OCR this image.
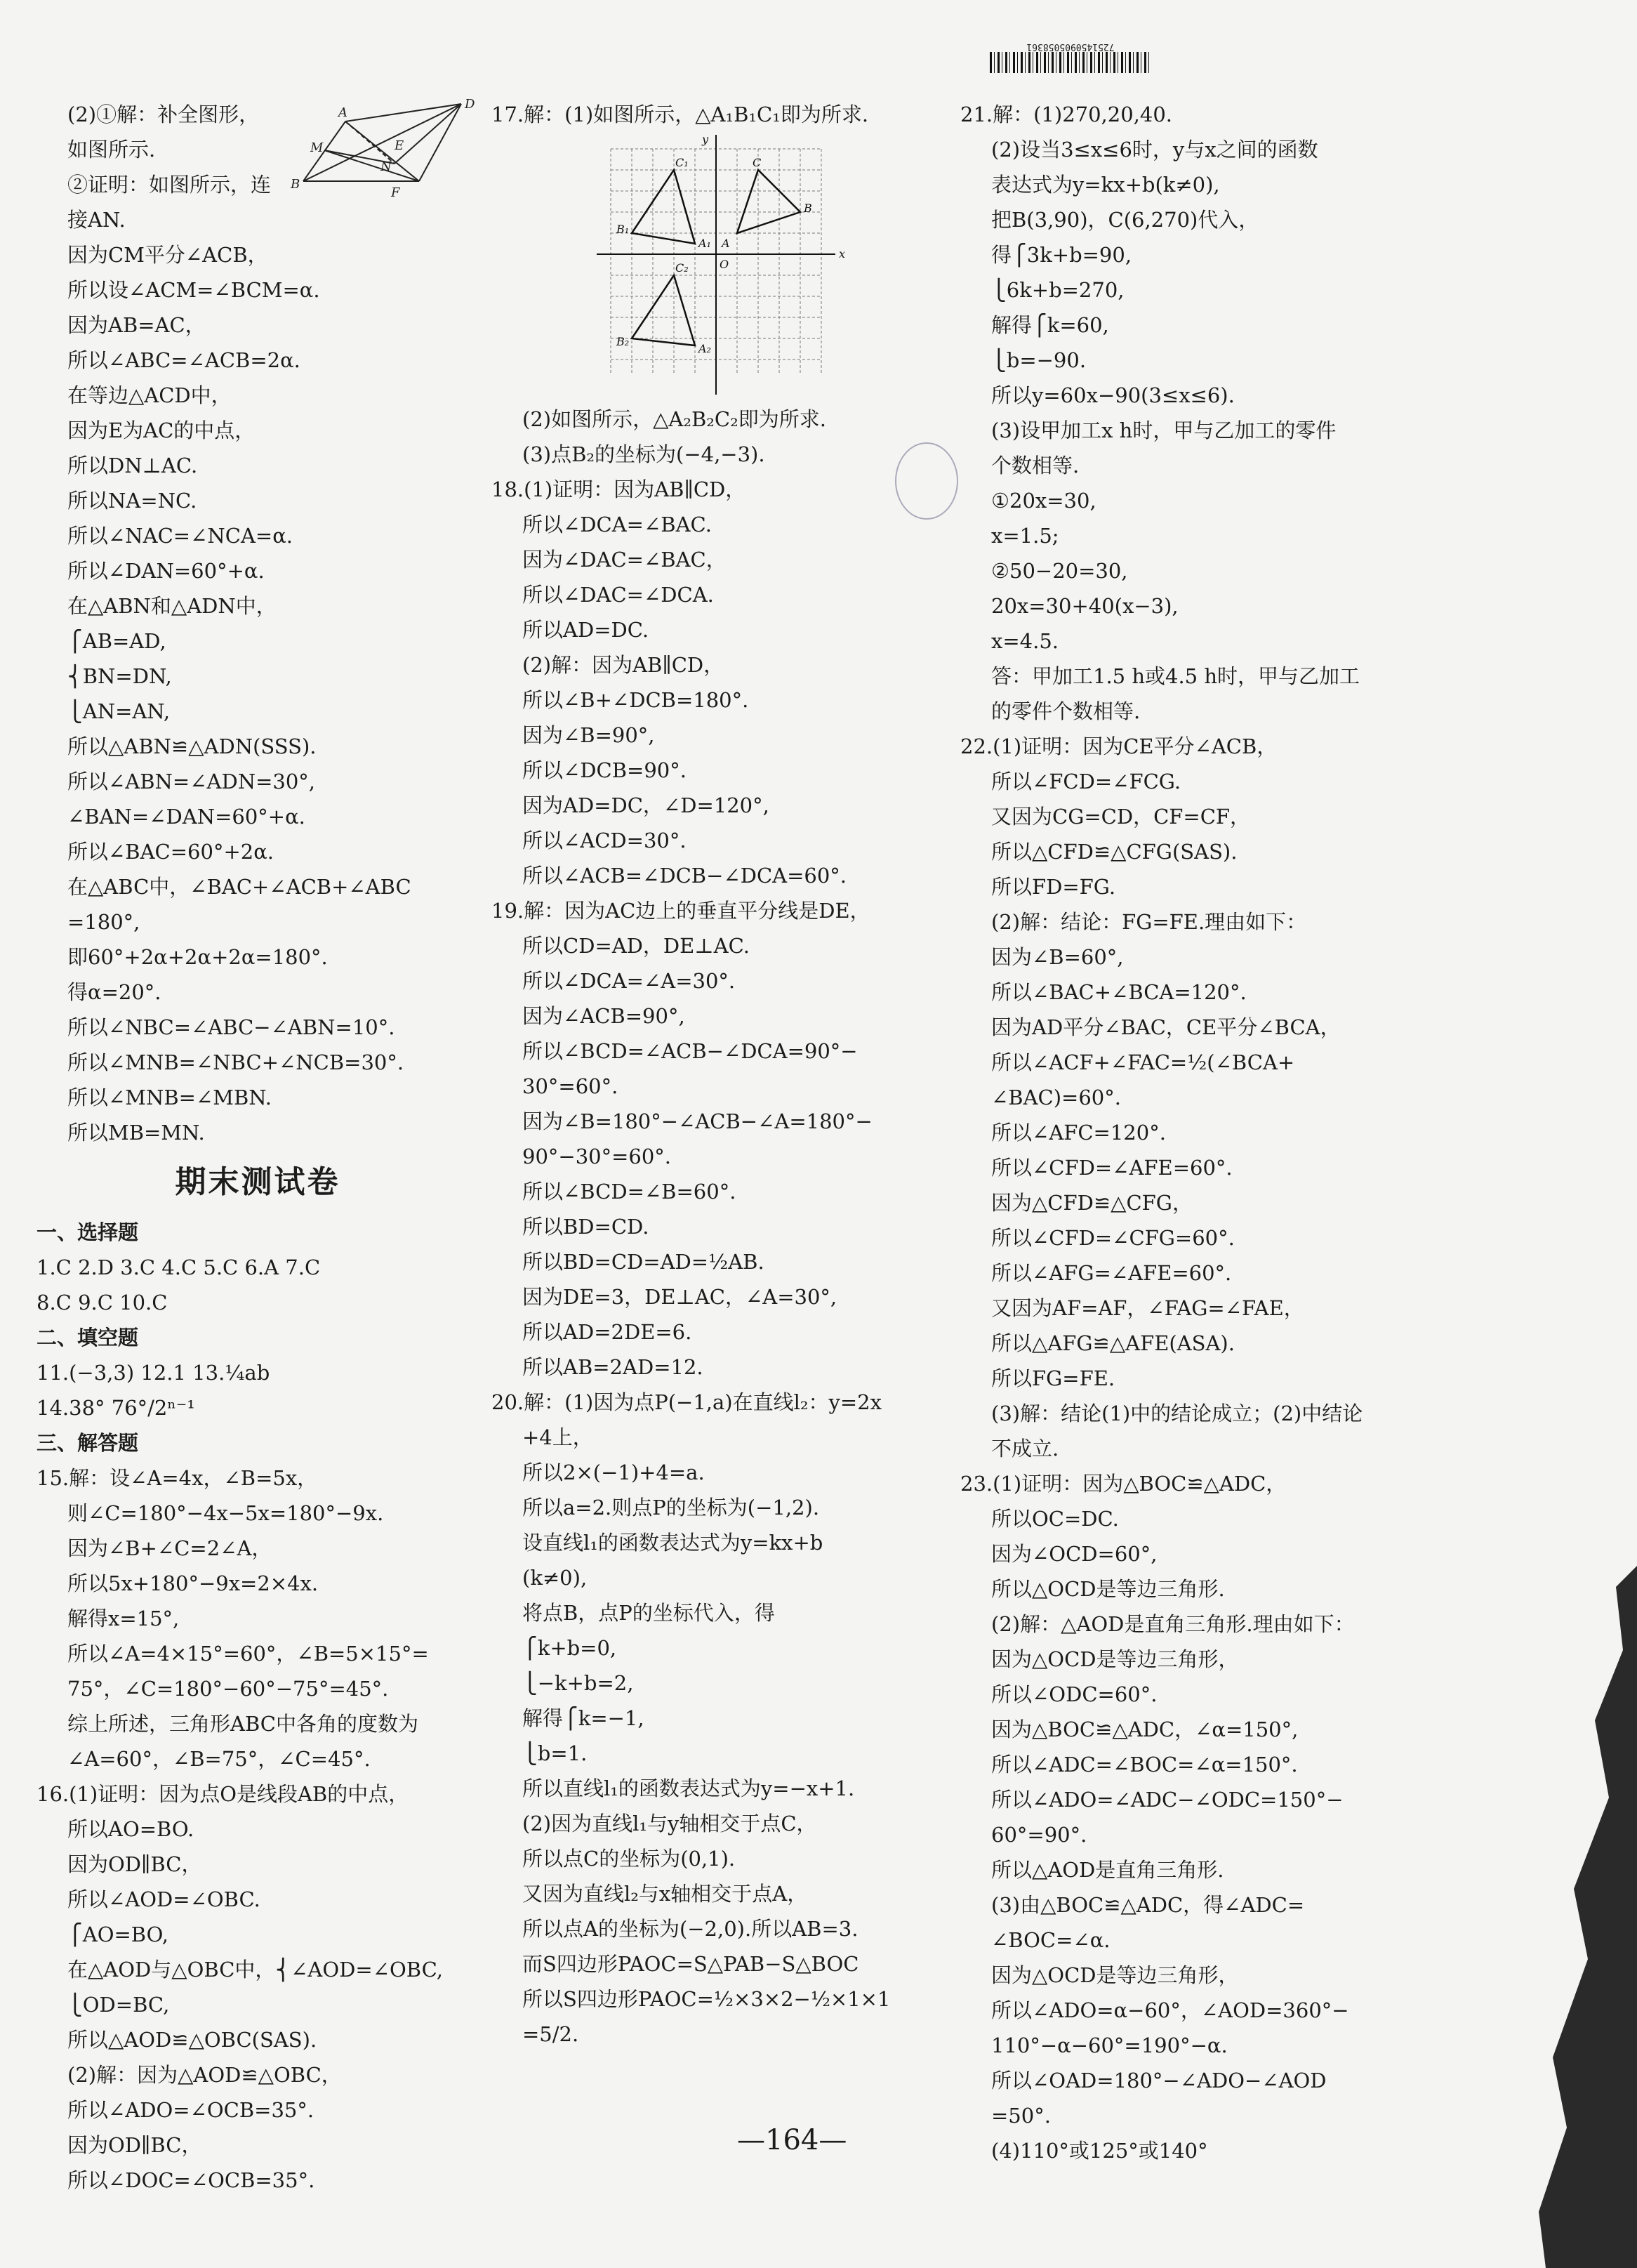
7251450905058361
B
A
D
M
N
E
F
(2)①解：补全图形，
如图所示.
②证明：如图所示，连
接AN.
因为CM平分∠ACB，
所以设∠ACM=∠BCM=α.
因为AB=AC，
所以∠ABC=∠ACB=2α.
在等边△ACD中，
因为E为AC的中点，
所以DN⊥AC.
所以NA=NC.
所以∠NAC=∠NCA=α.
所以∠DAN=60°+α.
在△ABN和△ADN中，
⎧AB=AD,
⎨BN=DN,
⎩AN=AN,
所以△ABN≌△ADN(SSS).
所以∠ABN=∠ADN=30°,
∠BAN=∠DAN=60°+α.
所以∠BAC=60°+2α.
在△ABC中，∠BAC+∠ACB+∠ABC
=180°,
即60°+2α+2α+2α=180°.
得α=20°.
所以∠NBC=∠ABC−∠ABN=10°.
所以∠MNB=∠NBC+∠NCB=30°.
所以∠MNB=∠MBN.
所以MB=MN.
期末测试卷
一、选择题
1.C 2.D 3.C 4.C 5.C 6.A 7.C
8.C 9.C 10.C
二、填空题
11.(−3,3) 12.1 13.¼ab
14.38° 76°/2ⁿ⁻¹
三、解答题
15.解：设∠A=4x，∠B=5x，
则∠C=180°−4x−5x=180°−9x.
因为∠B+∠C=2∠A，
所以5x+180°−9x=2×4x.
解得x=15°,
所以∠A=4×15°=60°，∠B=5×15°=
75°，∠C=180°−60°−75°=45°.
综上所述，三角形ABC中各角的度数为
∠A=60°，∠B=75°，∠C=45°.
16.(1)证明：因为点O是线段AB的中点，
所以AO=BO.
因为OD∥BC，
所以∠AOD=∠OBC.
⎧AO=BO,
在△AOD与△OBC中，⎨∠AOD=∠OBC,
⎩OD=BC,
所以△AOD≌△OBC(SAS).
(2)解：因为△AOD≌△OBC，
所以∠ADO=∠OCB=35°.
因为OD∥BC，
所以∠DOC=∠OCB=35°.
17.解：(1)如图所示，△A₁B₁C₁即为所求.
x
y
O
B₁
C₁
A₁ A
C
B
B₂
C₂
A₂
(2)如图所示，△A₂B₂C₂即为所求.
(3)点B₂的坐标为(−4,−3).
18.(1)证明：因为AB∥CD，
所以∠DCA=∠BAC.
因为∠DAC=∠BAC，
所以∠DAC=∠DCA.
所以AD=DC.
(2)解：因为AB∥CD，
所以∠B+∠DCB=180°.
因为∠B=90°,
所以∠DCB=90°.
因为AD=DC，∠D=120°,
所以∠ACD=30°.
所以∠ACB=∠DCB−∠DCA=60°.
19.解：因为AC边上的垂直平分线是DE，
所以CD=AD，DE⊥AC.
所以∠DCA=∠A=30°.
因为∠ACB=90°,
所以∠BCD=∠ACB−∠DCA=90°−
30°=60°.
因为∠B=180°−∠ACB−∠A=180°−
90°−30°=60°.
所以∠BCD=∠B=60°.
所以BD=CD.
所以BD=CD=AD=½AB.
因为DE=3，DE⊥AC，∠A=30°,
所以AD=2DE=6.
所以AB=2AD=12.
20.解：(1)因为点P(−1,a)在直线l₂：y=2x
+4上，
所以2×(−1)+4=a.
所以a=2.则点P的坐标为(−1,2).
设直线l₁的函数表达式为y=kx+b
(k≠0),
将点B，点P的坐标代入，得
⎧k+b=0,
⎩−k+b=2,
解得⎧k=−1,
⎩b=1.
所以直线l₁的函数表达式为y=−x+1.
(2)因为直线l₁与y轴相交于点C，
所以点C的坐标为(0,1).
又因为直线l₂与x轴相交于点A，
所以点A的坐标为(−2,0).所以AB=3.
而S四边形PAOC=S△PAB−S△BOC
所以S四边形PAOC=½×3×2−½×1×1
=5/2.
21.解：(1)270,20,40.
(2)设当3≤x≤6时，y与x之间的函数
表达式为y=kx+b(k≠0),
把B(3,90)，C(6,270)代入，
得⎧3k+b=90,
⎩6k+b=270,
解得⎧k=60,
⎩b=−90.
所以y=60x−90(3≤x≤6).
(3)设甲加工x h时，甲与乙加工的零件
个数相等.
①20x=30,
x=1.5;
②50−20=30,
20x=30+40(x−3),
x=4.5.
答：甲加工1.5 h或4.5 h时，甲与乙加工
的零件个数相等.
22.(1)证明：因为CE平分∠ACB，
所以∠FCD=∠FCG.
又因为CG=CD，CF=CF，
所以△CFD≌△CFG(SAS).
所以FD=FG.
(2)解：结论：FG=FE.理由如下：
因为∠B=60°,
所以∠BAC+∠BCA=120°.
因为AD平分∠BAC，CE平分∠BCA，
所以∠ACF+∠FAC=½(∠BCA+
∠BAC)=60°.
所以∠AFC=120°.
所以∠CFD=∠AFE=60°.
因为△CFD≌△CFG，
所以∠CFD=∠CFG=60°.
所以∠AFG=∠AFE=60°.
又因为AF=AF，∠FAG=∠FAE，
所以△AFG≌△AFE(ASA).
所以FG=FE.
(3)解：结论(1)中的结论成立；(2)中结论
不成立.
23.(1)证明：因为△BOC≌△ADC，
所以OC=DC.
因为∠OCD=60°,
所以△OCD是等边三角形.
(2)解：△AOD是直角三角形.理由如下：
因为△OCD是等边三角形，
所以∠ODC=60°.
因为△BOC≌△ADC，∠α=150°,
所以∠ADC=∠BOC=∠α=150°.
所以∠ADO=∠ADC−∠ODC=150°−
60°=90°.
所以△AOD是直角三角形.
(3)由△BOC≌△ADC，得∠ADC=
∠BOC=∠α.
因为△OCD是等边三角形，
所以∠ADO=α−60°，∠AOD=360°−
110°−α−60°=190°−α.
所以∠OAD=180°−∠ADO−∠AOD
=50°.
(4)110°或125°或140°
—164—
